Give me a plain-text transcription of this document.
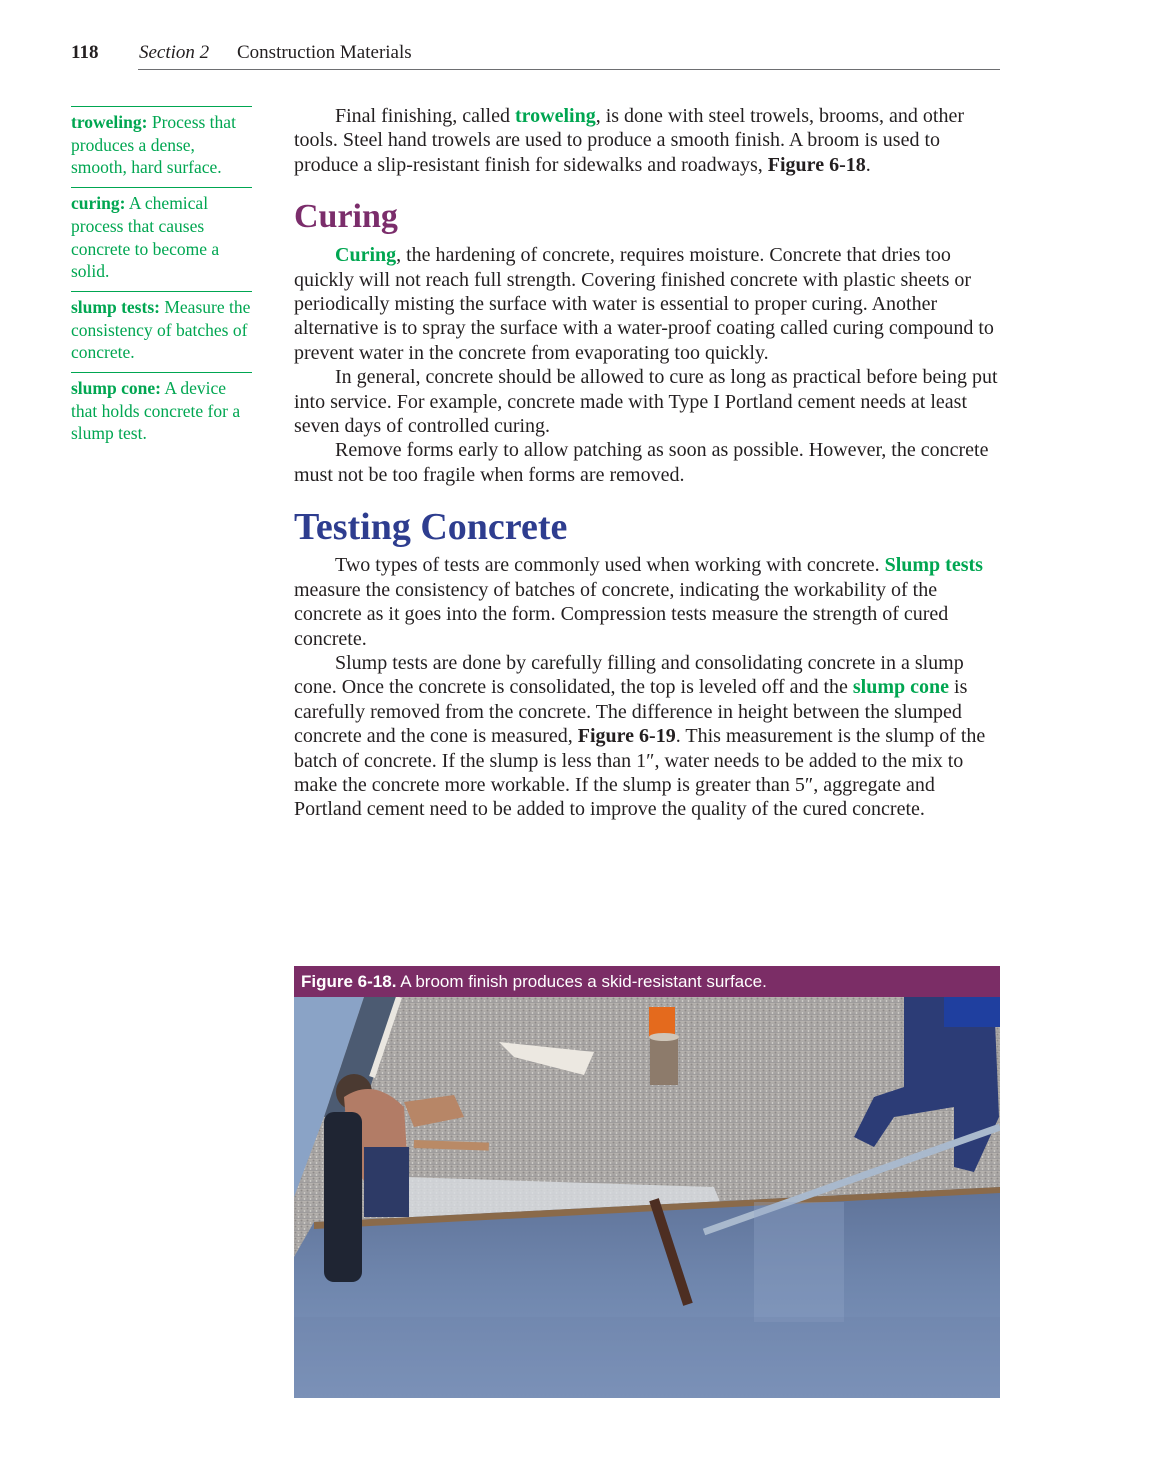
118 Section 2 Construction Materials
troweling: Process that produces a dense, smooth, hard surface.
curing: A chemical process that causes concrete to become a solid.
slump tests: Measure the consistency of batches of concrete.
slump cone: A device that holds concrete for a slump test.

Final finishing, called troweling, is done with steel trowels, brooms, and other tools. Steel hand trowels are used to produce a smooth finish. A broom is used to produce a slip-resistant finish for sidewalks and roadways, Figure 6-18.

Curing

Curing, the hardening of concrete, requires moisture. Concrete that dries too quickly will not reach full strength. Covering finished concrete with plastic sheets or periodically misting the surface with water is essential to proper curing. Another alternative is to spray the surface with a water-proof coating called curing compound to prevent water in the concrete from evaporating too quickly.

In general, concrete should be allowed to cure as long as practical before being put into service. For example, concrete made with Type I Portland cement needs at least seven days of controlled curing.

Remove forms early to allow patching as soon as possible. However, the concrete must not be too fragile when forms are removed.

Testing Concrete

Two types of tests are commonly used when working with concrete. Slump tests measure the consistency of batches of concrete, indicating the workability of the concrete as it goes into the form. Compression tests measure the strength of cured concrete.

Slump tests are done by carefully filling and consolidating concrete in a slump cone. Once the concrete is consolidated, the top is leveled off and the slump cone is carefully removed from the concrete. The difference in height between the slumped concrete and the cone is measured, Figure 6-19. This measurement is the slump of the batch of concrete. If the slump is less than 1″, water needs to be added to the mix to make the concrete more workable. If the slump is greater than 5″, aggregate and Portland cement need to be added to improve the quality of the cured concrete.

Figure 6-18. A broom finish produces a skid-resistant surface.
